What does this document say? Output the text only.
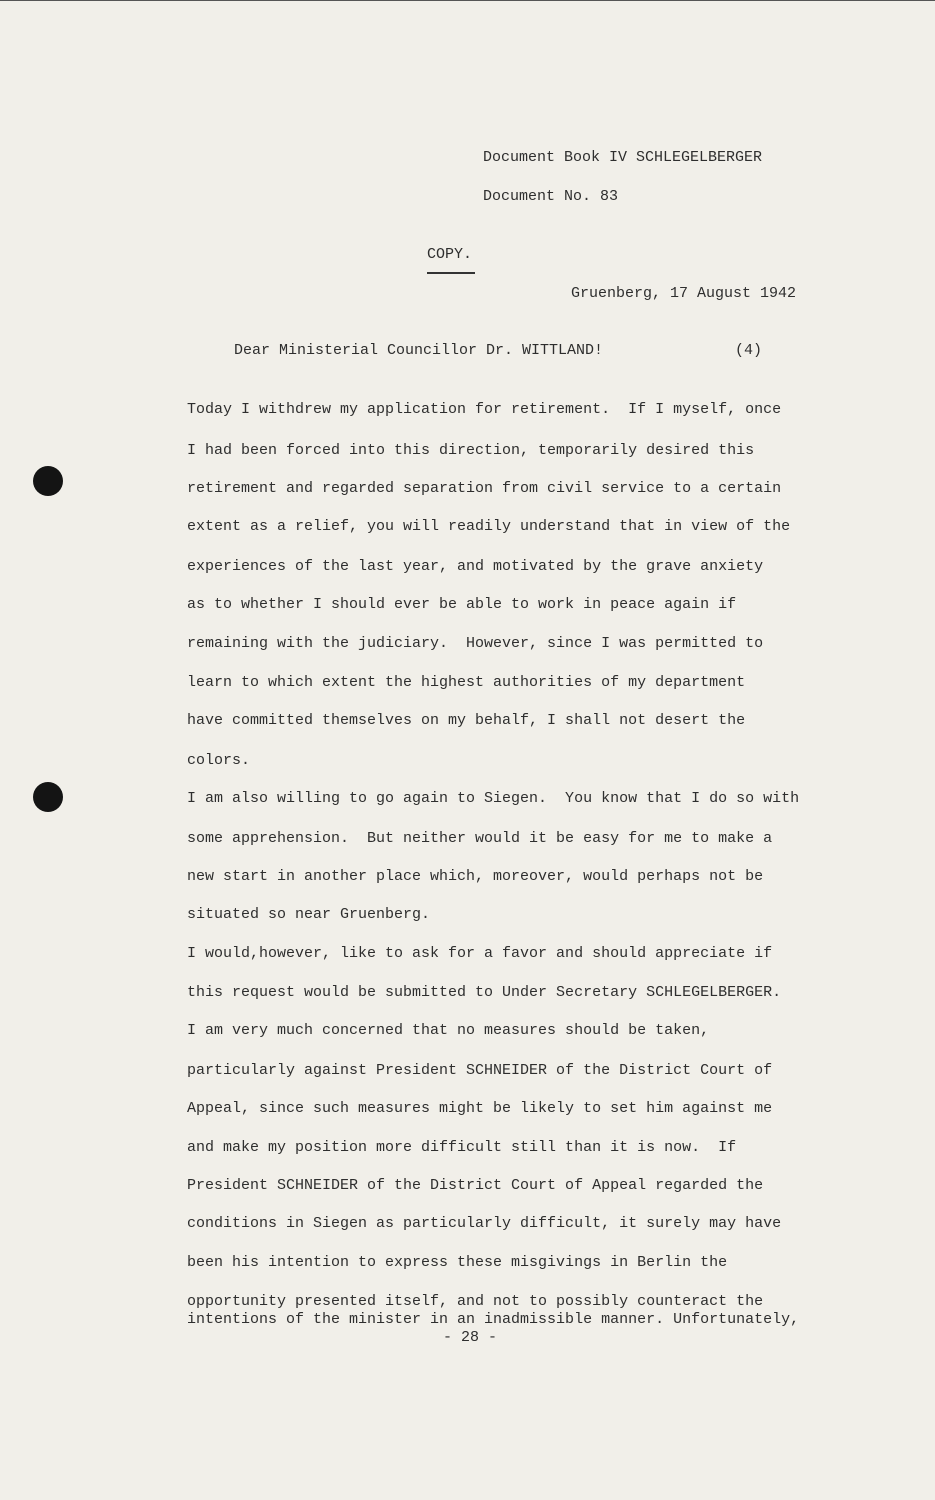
Document Book IV SCHLEGELBERGER
Document No. 83
COPY.
Gruenberg, 17 August 1942
Dear Ministerial Councillor Dr. WITTLAND!	(4)
Today I withdrew my application for retirement.  If I myself, once
I had been forced into this direction, temporarily desired this
retirement and regarded separation from civil service to a certain
extent as a relief, you will readily understand that in view of the
experiences of the last year, and motivated by the grave anxiety
as to whether I should ever be able to work in peace again if
remaining with the judiciary.  However, since I was permitted to
learn to which extent the highest authorities of my department
have committed themselves on my behalf, I shall not desert the
colors.
I am also willing to go again to Siegen.  You know that I do so with
some apprehension.  But neither would it be easy for me to make a
new start in another place which, moreover, would perhaps not be
situated so near Gruenberg.
I would,however, like to ask for a favor and should appreciate if
this request would be submitted to Under Secretary SCHLEGELBERGER.
I am very much concerned that no measures should be taken,
particularly against President SCHNEIDER of the District Court of
Appeal, since such measures might be likely to set him against me
and make my position more difficult still than it is now.  If
President SCHNEIDER of the District Court of Appeal regarded the
conditions in Siegen as particularly difficult, it surely may have
been his intention to express these misgivings in Berlin the
opportunity presented itself, and not to possibly counteract the
intentions of the minister in an inadmissible manner. Unfortunately,
- 28 -
